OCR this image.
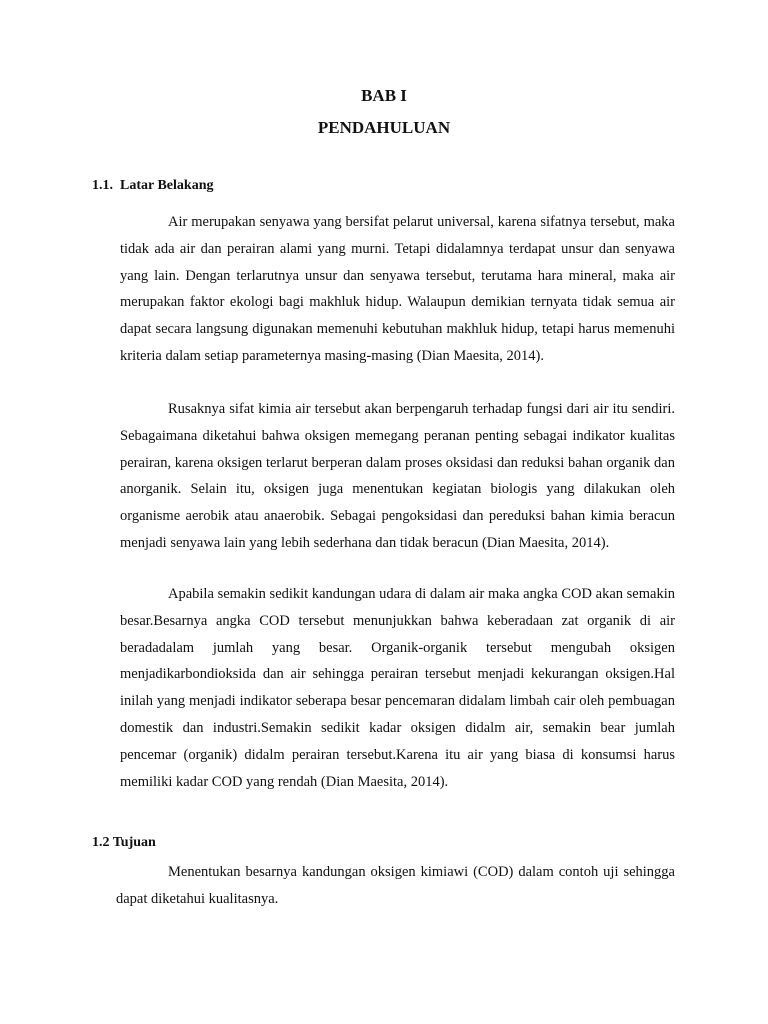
BAB I
PENDAHULUAN
1.1.  Latar Belakang

Air merupakan senyawa yang bersifat pelarut universal, karena sifatnya tersebut, maka tidak ada air dan perairan alami yang murni. Tetapi didalamnya terdapat unsur dan senyawa yang lain. Dengan terlarutnya unsur dan senyawa tersebut, terutama hara mineral, maka air merupakan faktor ekologi bagi makhluk hidup. Walaupun demikian ternyata tidak semua air dapat secara langsung digunakan memenuhi kebutuhan makhluk hidup, tetapi harus memenuhi kriteria dalam setiap parameternya masing-masing (Dian Maesita, 2014).

Rusaknya sifat kimia air tersebut akan berpengaruh terhadap fungsi dari air itu sendiri. Sebagaimana diketahui bahwa oksigen memegang peranan penting sebagai indikator kualitas perairan, karena oksigen terlarut berperan dalam proses oksidasi dan reduksi bahan organik dan anorganik. Selain itu, oksigen juga menentukan kegiatan biologis yang dilakukan oleh organisme aerobik atau anaerobik. Sebagai pengoksidasi dan pereduksi bahan kimia beracun menjadi senyawa lain yang lebih sederhana dan tidak beracun (Dian Maesita, 2014).

Apabila semakin sedikit kandungan udara di dalam air maka angka COD akan semakin besar.Besarnya angka COD tersebut menunjukkan bahwa keberadaan zat organik di air beradadalam jumlah yang besar. Organik-organik tersebut mengubah oksigen menjadikarbondioksida dan air sehingga perairan tersebut menjadi kekurangan oksigen.Hal inilah yang menjadi indikator seberapa besar pencemaran didalam limbah cair oleh pembuagan domestik dan industri.Semakin sedikit kadar oksigen didalm air, semakin bear jumlah pencemar (organik) didalm perairan tersebut.Karena itu air yang biasa di konsumsi harus memiliki kadar COD yang rendah (Dian Maesita, 2014).

1.2 Tujuan

Menentukan besarnya kandungan oksigen kimiawi (COD) dalam contoh uji sehingga dapat diketahui kualitasnya.
